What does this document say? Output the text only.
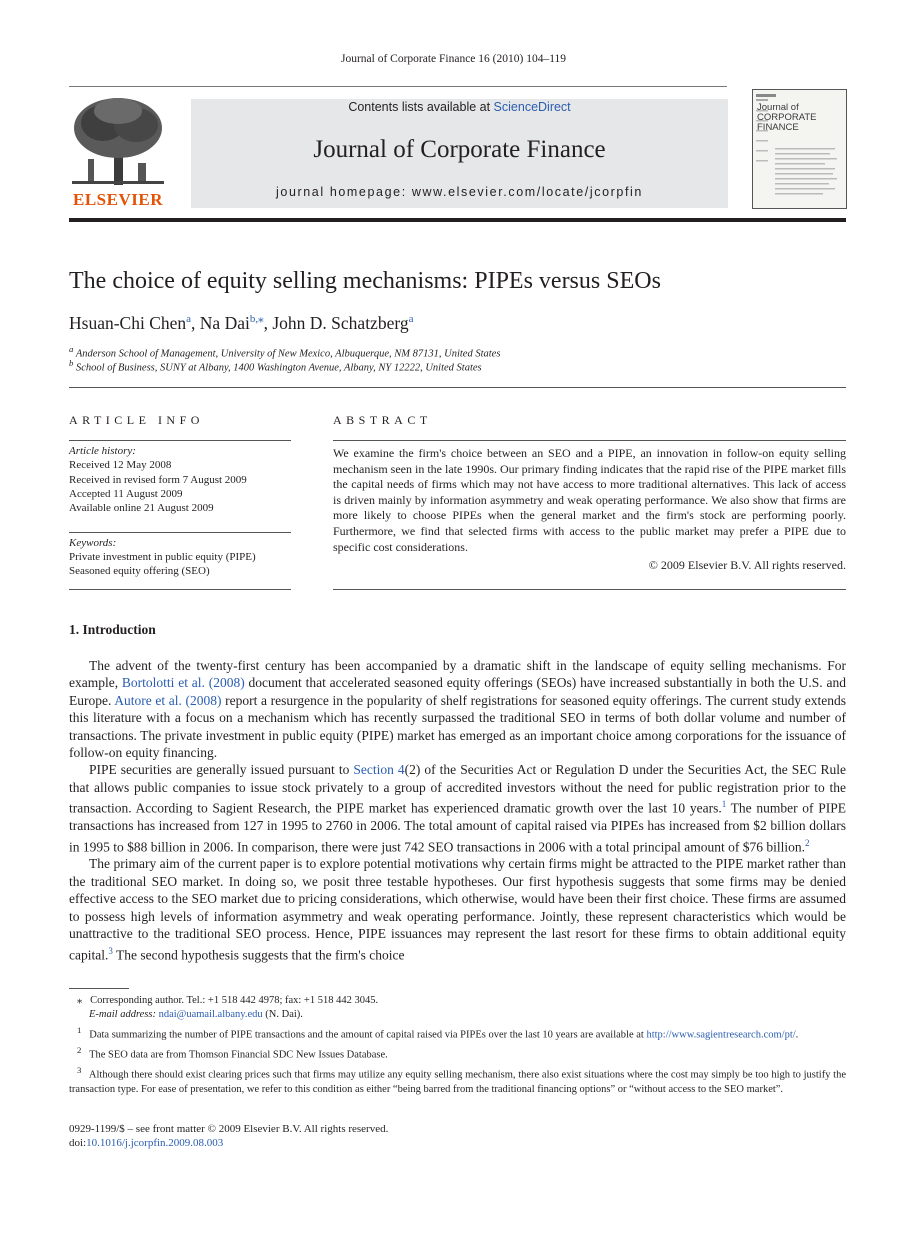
Journal of Corporate Finance 16 (2010) 104–119
ELSEVIER
Contents lists available at ScienceDirect
Journal of Corporate Finance
journal homepage: www.elsevier.com/locate/jcorpfin
Journal of CORPORATE FINANCE
The choice of equity selling mechanisms: PIPEs versus SEOs
Hsuan-Chi Chen$^a$, Na Dai$^{b,⁎}$, John D. Schatzberg$^a$
$^a$ Anderson School of Management, University of New Mexico, Albuquerque, NM 87131, United States
$^b$ School of Business, SUNY at Albany, 1400 Washington Avenue, Albany, NY 12222, United States
ARTICLE INFO
Article history:
Received 12 May 2008
Received in revised form 7 August 2009
Accepted 11 August 2009
Available online 21 August 2009
Keywords:
Private investment in public equity (PIPE)
Seasoned equity offering (SEO)
ABSTRACT
We examine the firm's choice between an SEO and a PIPE, an innovation in follow-on equity selling mechanism seen in the late 1990s. Our primary finding indicates that the rapid rise of the PIPE market fills the capital needs of firms which may not have access to more traditional alternatives. This lack of access is driven mainly by information asymmetry and weak operating performance. We also show that firms are more likely to choose PIPEs when the general market and the firm's stock are performing poorly. Furthermore, we find that selected firms with access to the public market may prefer a PIPE due to specific cost considerations.
© 2009 Elsevier B.V. All rights reserved.
1. Introduction

The advent of the twenty-first century has been accompanied by a dramatic shift in the landscape of equity selling mechanisms. For example, Bortolotti et al. (2008) document that accelerated seasoned equity offerings (SEOs) have increased substantially in both the U.S. and Europe. Autore et al. (2008) report a resurgence in the popularity of shelf registrations for seasoned equity offerings. The current study extends this literature with a focus on a mechanism which has recently surpassed the traditional SEO in terms of both dollar volume and number of transactions. The private investment in public equity (PIPE) market has emerged as an important choice among corporations for the issuance of follow-on equity financing.

PIPE securities are generally issued pursuant to Section 4(2) of the Securities Act or Regulation D under the Securities Act, the SEC Rule that allows public companies to issue stock privately to a group of accredited investors without the need for public registration prior to the transaction. According to Sagient Research, the PIPE market has experienced dramatic growth over the last 10 years.$^1$ The number of PIPE transactions has increased from 127 in 1995 to 2760 in 2006. The total amount of capital raised via PIPEs has increased from $2 billion dollars in 1995 to $88 billion in 2006. In comparison, there were just 742 SEO transactions in 2006 with a total principal amount of $76 billion.$^2$

The primary aim of the current paper is to explore potential motivations why certain firms might be attracted to the PIPE market rather than the traditional SEO market. In doing so, we posit three testable hypotheses. Our first hypothesis suggests that some firms may be denied effective access to the SEO market due to pricing considerations, which otherwise, would have been their first choice. These firms are assumed to possess high levels of information asymmetry and weak operating performance. Jointly, these represent characteristics which would be unattractive to the traditional SEO process. Hence, PIPE issuances may represent the last resort for these firms to obtain additional equity capital.$^3$ The second hypothesis suggests that the firm's choice

⁎ Corresponding author. Tel.: +1 518 442 4978; fax: +1 518 442 3045.
E-mail address: ndai@uamail.albany.edu (N. Dai).
$^1$ Data summarizing the number of PIPE transactions and the amount of capital raised via PIPEs over the last 10 years are available at http://www.sagientresearch.com/pt/.
$^2$ The SEO data are from Thomson Financial SDC New Issues Database.
$^3$ Although there should exist clearing prices such that firms may utilize any equity selling mechanism, there also exist situations where the cost may simply be too high to justify the transaction type. For ease of presentation, we refer to this condition as either “being barred from the traditional financing options” or “without access to the SEO market”.
0929-1199/$ – see front matter © 2009 Elsevier B.V. All rights reserved.
doi:10.1016/j.jcorpfin.2009.08.003
